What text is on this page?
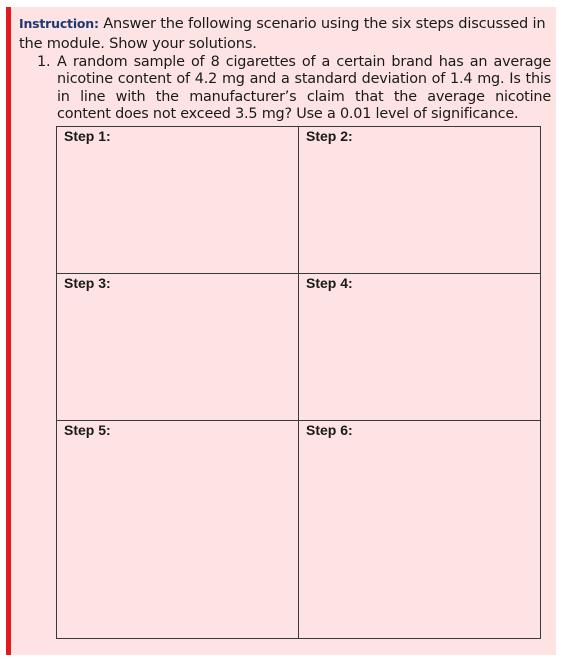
Instruction: Answer the following scenario using the six steps discussed in the module. Show your solutions.
1. A random sample of 8 cigarettes of a certain brand has an average nicotine content of 4.2 mg and a standard deviation of 1.4 mg. Is this in line with the manufacturer’s claim that the average nicotine content does not exceed 3.5 mg? Use a 0.01 level of significance.
Step 1:	Step 2:
Step 3:	Step 4:
Step 5:	Step 6:
